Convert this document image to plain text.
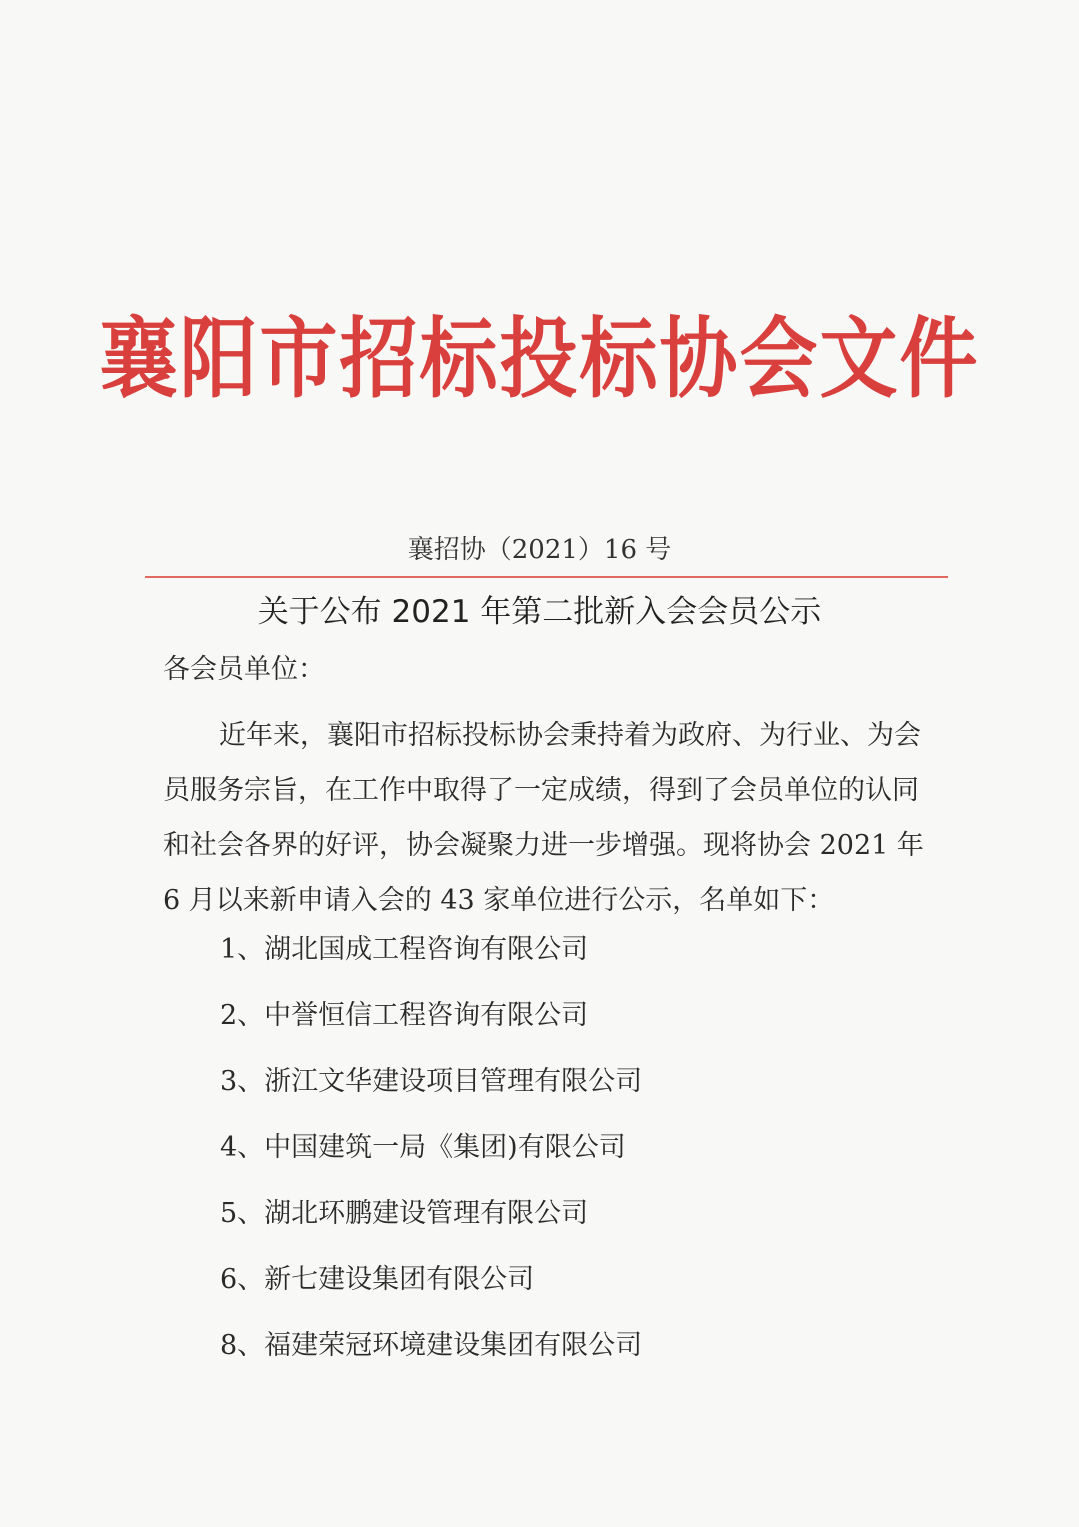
襄阳市招标投标协会文件
襄招协（2021）16 号
关于公布 2021 年第二批新入会会员公示
各会员单位：
近年来，襄阳市招标投标协会秉持着为政府、为行业、为会
员服务宗旨，在工作中取得了一定成绩，得到了会员单位的认同
和社会各界的好评，协会凝聚力进一步增强。现将协会 2021 年
6 月以来新申请入会的 43 家单位进行公示，名单如下：
1、湖北国成工程咨询有限公司
2、中誉恒信工程咨询有限公司
3、浙江文华建设项目管理有限公司
4、中国建筑一局《集团)有限公司
5、湖北环鹏建设管理有限公司
6、新七建设集团有限公司
8、福建荣冠环境建设集团有限公司
